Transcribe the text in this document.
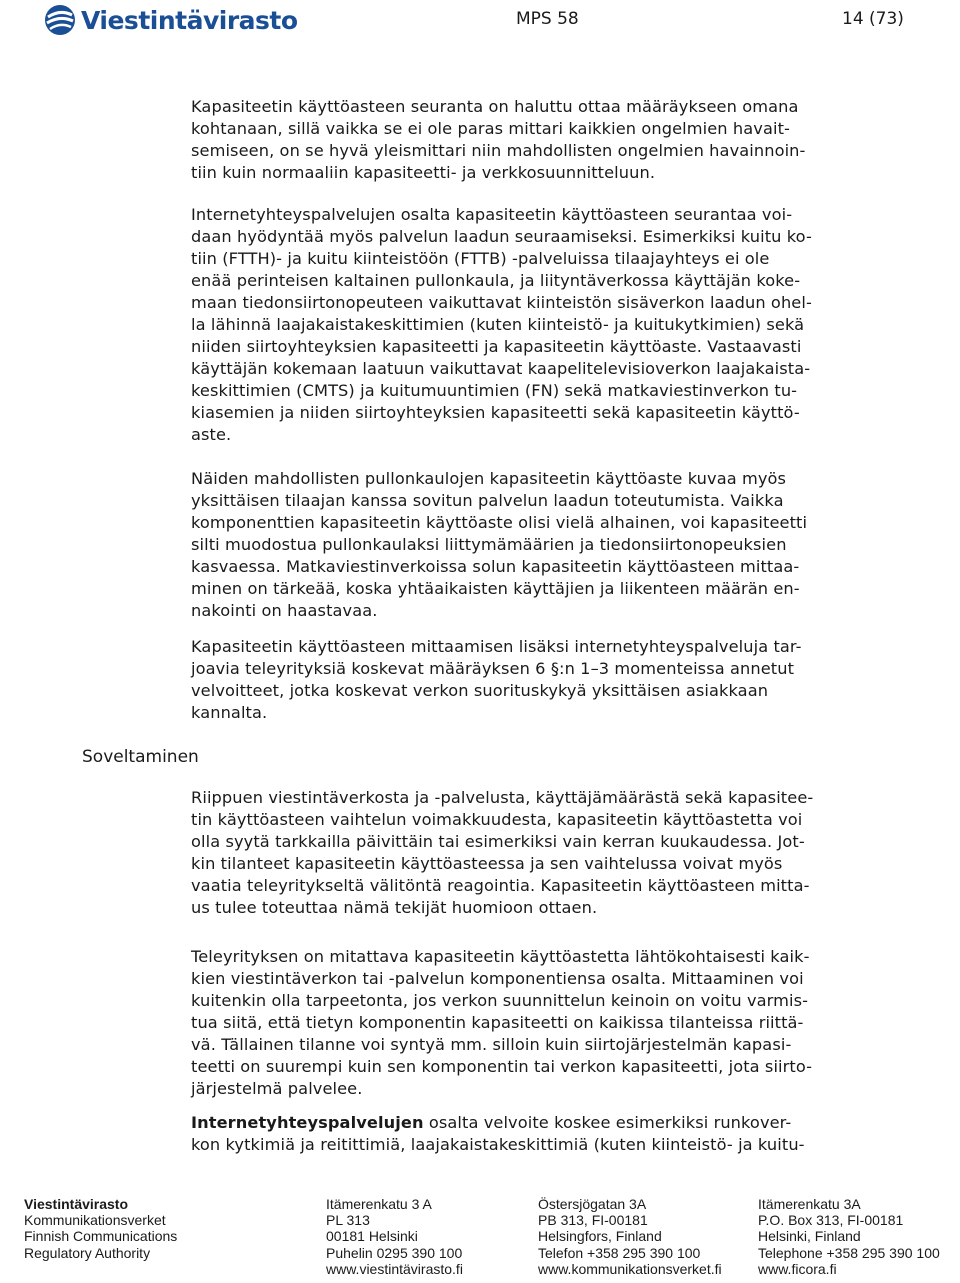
Viestintävirasto	MPS 58	14 (73)
Soveltaminen

Kapasiteetin käyttöasteen seuranta on haluttu ottaa määräykseen omana
kohtanaan, sillä vaikka se ei ole paras mittari kaikkien ongelmien havait-
semiseen, on se hyvä yleismittari niin mahdollisten ongelmien havainnoin-
tiin kuin normaaliin kapasiteetti- ja verkkosuunnitteluun.

Internetyhteyspalvelujen osalta kapasiteetin käyttöasteen seurantaa voi-
daan hyödyntää myös palvelun laadun seuraamiseksi. Esimerkiksi kuitu ko-
tiin (FTTH)- ja kuitu kiinteistöön (FTTB) -palveluissa tilaajayhteys ei ole
enää perinteisen kaltainen pullonkaula, ja liityntäverkossa käyttäjän koke-
maan tiedonsiirtonopeuteen vaikuttavat kiinteistön sisäverkon laadun ohel-
la lähinnä laajakaistakeskittimien (kuten kiinteistö- ja kuitukytkimien) sekä
niiden siirtoyhteyksien kapasiteetti ja kapasiteetin käyttöaste. Vastaavasti
käyttäjän kokemaan laatuun vaikuttavat kaapelitelevisioverkon laajakaista-
keskittimien (CMTS) ja kuitumuuntimien (FN) sekä matkaviestinverkon tu-
kiasemien ja niiden siirtoyhteyksien kapasiteetti sekä kapasiteetin käyttö-
aste.

Näiden mahdollisten pullonkaulojen kapasiteetin käyttöaste kuvaa myös
yksittäisen tilaajan kanssa sovitun palvelun laadun toteutumista. Vaikka
komponenttien kapasiteetin käyttöaste olisi vielä alhainen, voi kapasiteetti
silti muodostua pullonkaulaksi liittymämäärien ja tiedonsiirtonopeuksien
kasvaessa. Matkaviestinverkoissa solun kapasiteetin käyttöasteen mittaa-
minen on tärkeää, koska yhtäaikaisten käyttäjien ja liikenteen määrän en-
nakointi on haastavaa.

Kapasiteetin käyttöasteen mittaamisen lisäksi internetyhteyspalveluja tar-
joavia teleyrityksiä koskevat määräyksen 6 §:n 1–3 momenteissa annetut
velvoitteet, jotka koskevat verkon suorituskykyä yksittäisen asiakkaan
kannalta.

Riippuen viestintäverkosta ja -palvelusta, käyttäjämäärästä sekä kapasitee-
tin käyttöasteen vaihtelun voimakkuudesta, kapasiteetin käyttöastetta voi
olla syytä tarkkailla päivittäin tai esimerkiksi vain kerran kuukaudessa. Jot-
kin tilanteet kapasiteetin käyttöasteessa ja sen vaihtelussa voivat myös
vaatia teleyritykseltä välitöntä reagointia. Kapasiteetin käyttöasteen mitta-
us tulee toteuttaa nämä tekijät huomioon ottaen.

Teleyrityksen on mitattava kapasiteetin käyttöastetta lähtökohtaisesti kaik-
kien viestintäverkon tai -palvelun komponentiensa osalta. Mittaaminen voi
kuitenkin olla tarpeetonta, jos verkon suunnittelun keinoin on voitu varmis-
tua siitä, että tietyn komponentin kapasiteetti on kaikissa tilanteissa riittä-
vä. Tällainen tilanne voi syntyä mm. silloin kuin siirtojärjestelmän kapasi-
teetti on suurempi kuin sen komponentin tai verkon kapasiteetti, jota siirto-
järjestelmä palvelee.

Internetyhteyspalvelujen osalta velvoite koskee esimerkiksi runkover-
kon kytkimiä ja reitittimiä, laajakaistakeskittimiä (kuten kiinteistö- ja kuitu-

Viestintävirasto
Kommunikationsverket
Finnish Communications
Regulatory Authority
Itämerenkatu 3 A
PL 313
00181 Helsinki
Puhelin 0295 390 100
www.viestintävirasto.fi
Östersjögatan 3A
PB 313, FI-00181
Helsingfors, Finland
Telefon +358 295 390 100
www.kommunikationsverket.fi
Itämerenkatu 3A
P.O. Box 313, FI-00181
Helsinki, Finland
Telephone +358 295 390 100
www.ficora.fi
